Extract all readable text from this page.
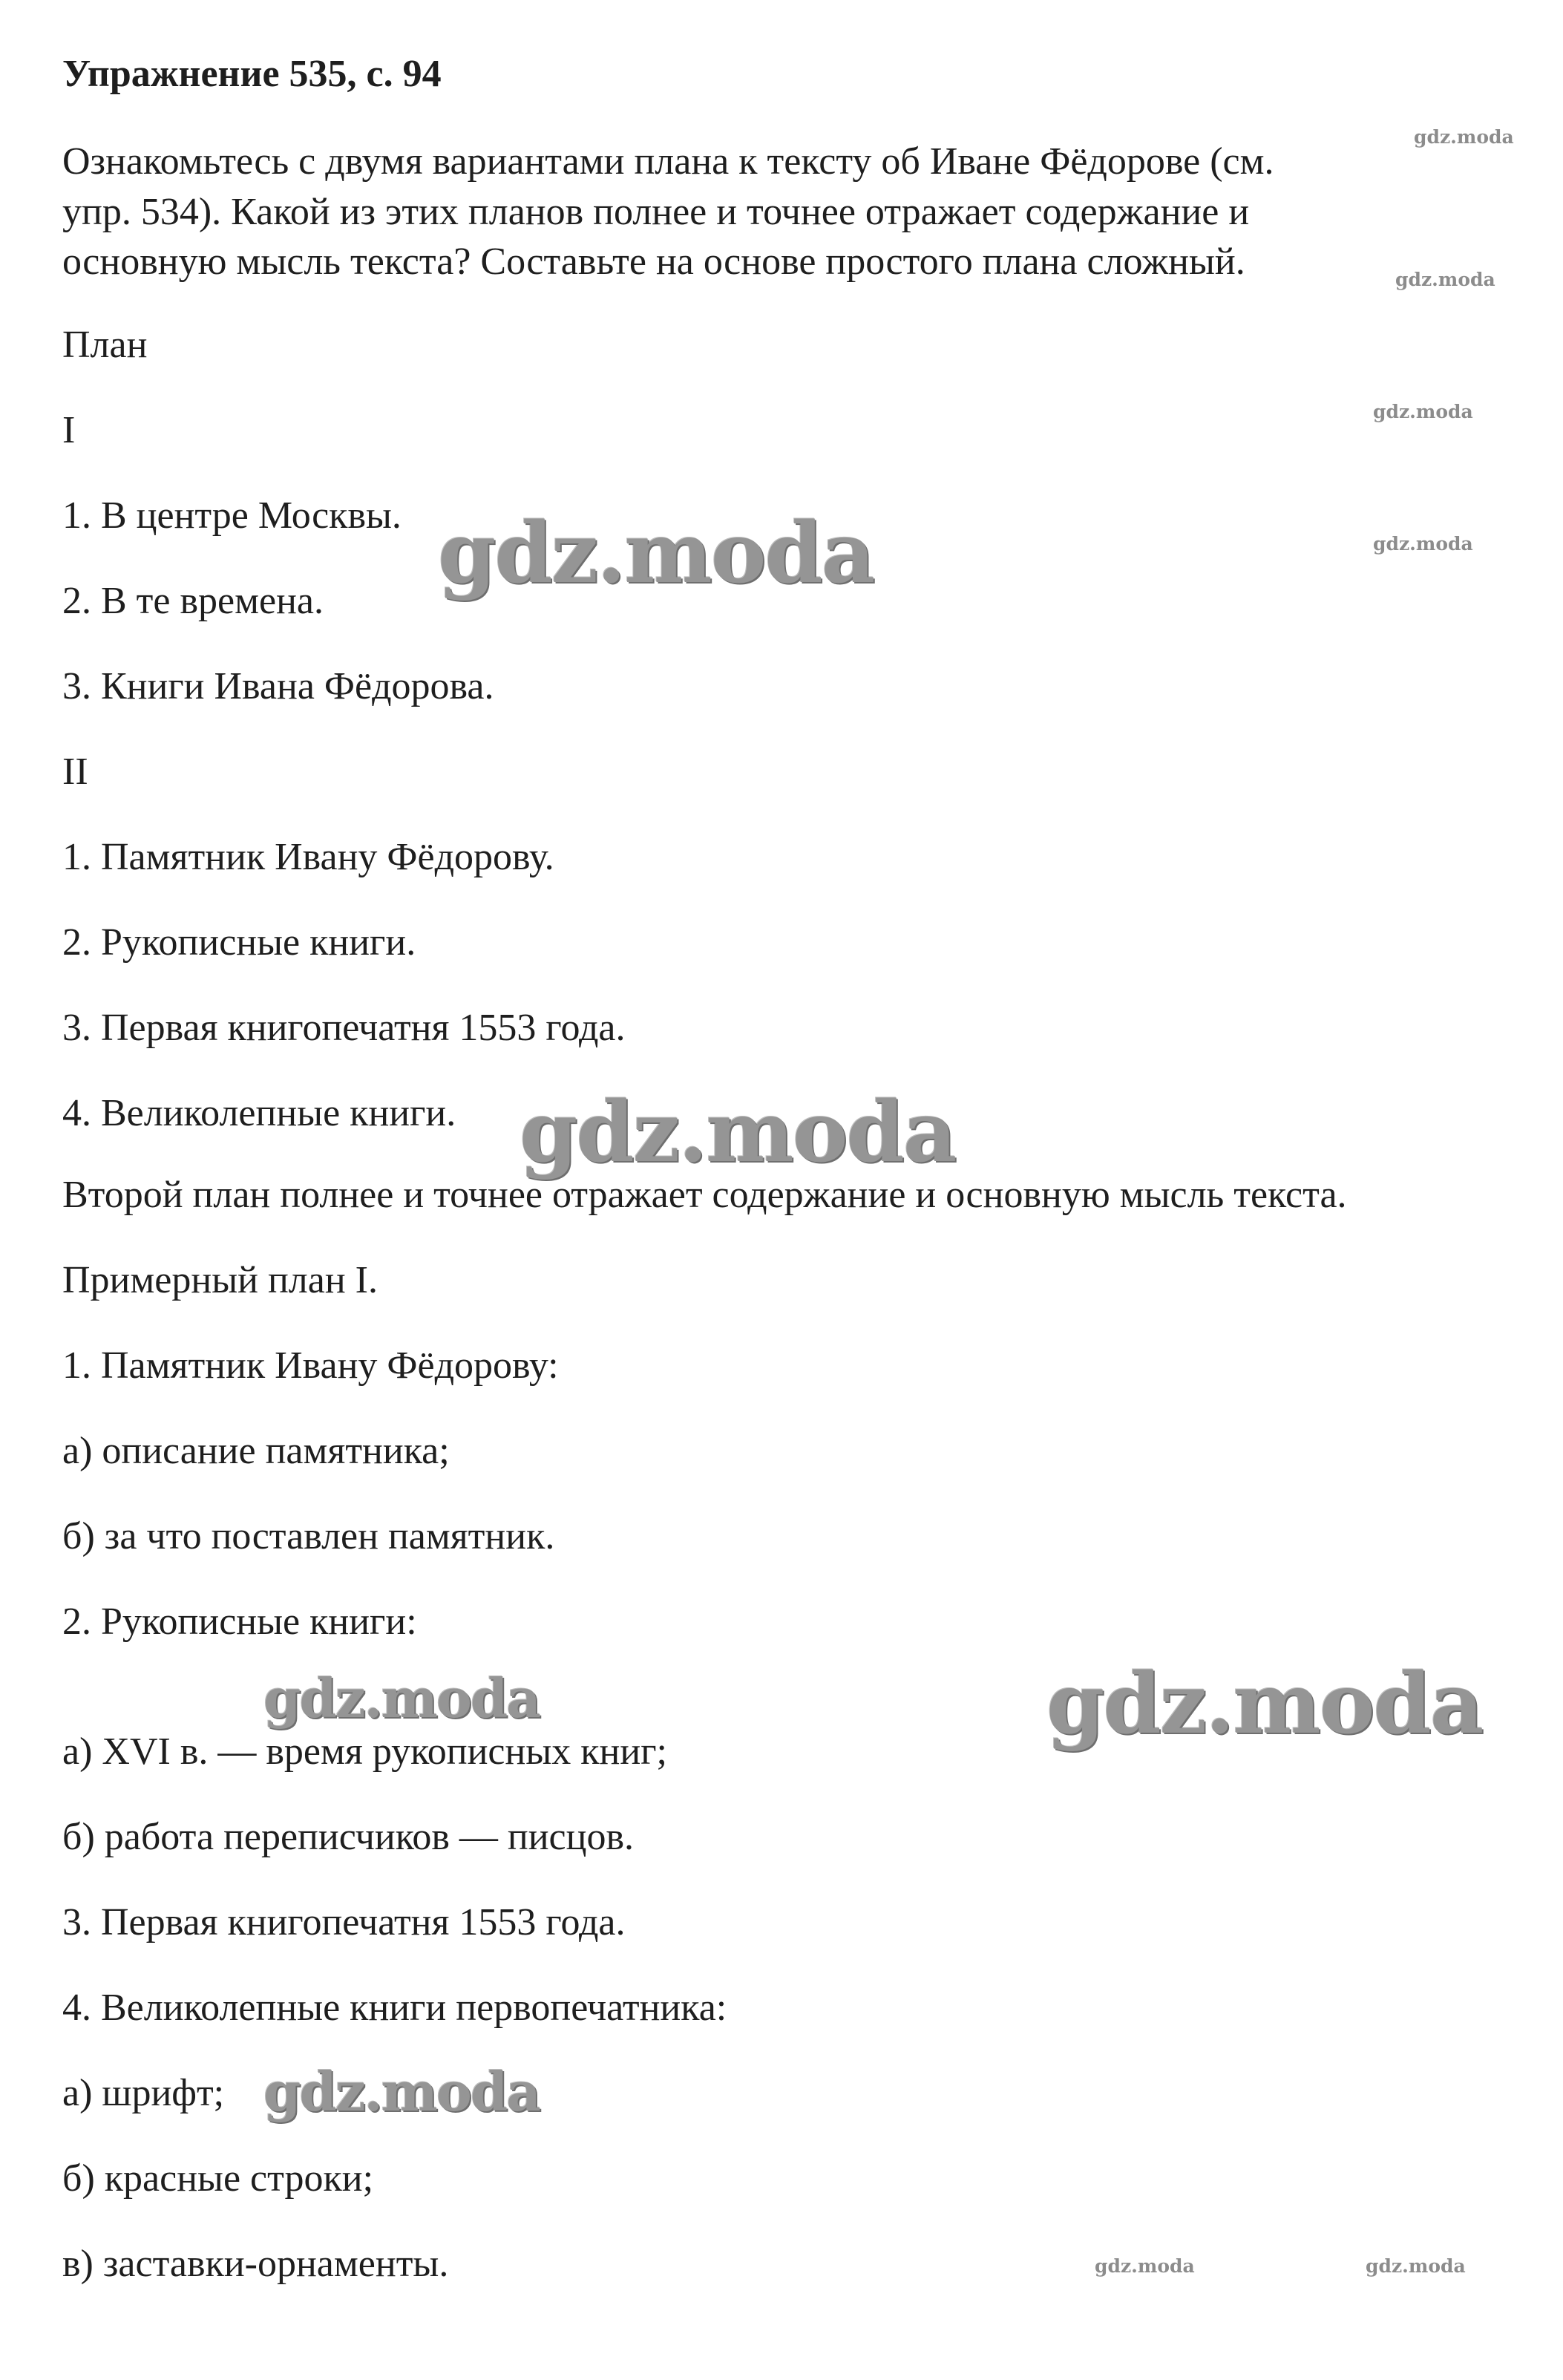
Упражнение 535, с. 94

Ознакомьтесь с двумя вариантами плана к тексту об Иване Фёдорове (см.

упр. 534). Какой из этих планов полнее и точнее отражает содержание и

основную мысль текста? Составьте на основе простого плана сложный.

План

I

1. В центре Москвы.

2. В те времена.

3. Книги Ивана Фёдорова.

II

1. Памятник Ивану Фёдорову.

2. Рукописные книги.

3. Первая книгопечатня 1553 года.

4. Великолепные книги.

Второй план полнее и точнее отражает содержание и основную мысль текста.

Примерный план I.

1. Памятник Ивану Фёдорову:

а) описание памятника;

б) за что поставлен памятник.

2. Рукописные книги:

а) XVI в. — время рукописных книг;

б) работа переписчиков — писцов.

3. Первая книгопечатня 1553 года.

4. Великолепные книги первопечатника:

а) шрифт;

б) красные строки;

в) заставки-орнаменты.

gdz.moda
gdz.moda
gdz.moda	gdz.moda
gdz.moda
gdz.moda
gdz.moda
gdz.moda
gdz.moda
gdz.moda	gdz.moda
